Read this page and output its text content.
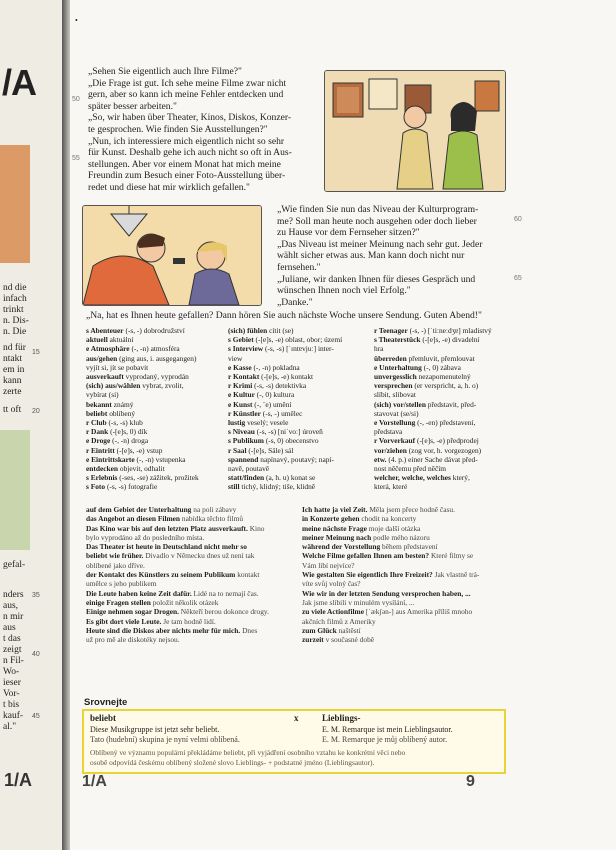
/A
nd die
infach
trinkt
n. Dis-
n. Die
nd für
ntakt
em in
kann
zerte
tt oft
gefal-
nders
aus,
n mir
aus
t das
zeigt
n Fil-
Wo-
ieser
Vor-
t bis
kauf-
al."
15
20
35
40
45
1/A
•
„Sehen Sie eigentlich auch Ihre Filme?"
„Die Frage ist gut. Ich sehe meine Filme zwar nicht
gern, aber so kann ich meine Fehler entdecken und
später besser arbeiten."
„So, wir haben über Theater, Kinos, Diskos, Konzer-
te gesprochen. Wie finden Sie Ausstellungen?"
„Nun, ich interessiere mich eigentlich nicht so sehr
für Kunst. Deshalb gehe ich auch nicht so oft in Aus-
stellungen. Aber vor einem Monat hat mich meine
Freundin zum Besuch einer Foto-Ausstellung über-
redet und diese hat mir wirklich gefallen."
50
55
„Wie finden Sie nun das Niveau der Kulturprogram-
me? Soll man heute noch ausgehen oder doch lieber
zu Hause vor dem Fernseher sitzen?"
„Das Niveau ist meiner Meinung nach sehr gut. Jeder
wählt sicher etwas aus. Man kann doch nicht nur
fernsehen."
„Juliane, wir danken Ihnen für dieses Gespräch und
wünschen Ihnen noch viel Erfolg."
„Danke."
60
65
„Na, hat es Ihnen heute gefallen? Dann hören Sie auch nächste Woche unsere Sendung. Guten Abend!"
s Abenteuer (-s, -) dobrodružství
aktuell aktuální
e Atmosphäre (-, -n) atmosféra
aus/gehen (ging aus, i. ausgegangen)
vyjít si, jít se pobavit
ausverkauft vyprodaný, vyprodán
(sich) aus/wählen vybrat, zvolit,
vybírat (si)
bekannt známý
beliebt oblíbený
r Club (-s, -s) klub
r Dank (-[e]s, 0) dík
e Droge (-, -n) droga
r Eintritt (-[e]s, -e) vstup
e Eintrittskarte (-, -n) vstupenka
entdecken objevit, odhalit
s Erlebnis (-ses, -se) zážitek, prožitek
s Foto (-s, -s) fotografie
(sich) fühlen cítit (se)
s Gebiet (-[e]s, -e) oblast, obor; území
s Interview (-s, -s) [ˈɪntɐvjuː] inter-
view
e Kasse (-, -n) pokladna
r Kontakt (-[e]s, -e) kontakt
r Krimi (-s, -s) detektivka
e Kultur (-, 0) kultura
e Kunst (-, ¨e) umění
r Künstler (-s, -) umělec
lustig veselý; vesele
s Niveau (-s, -s) [niˈvoː] úroveň
s Publikum (-s, 0) obecenstvo
r Saal (-[e]s, Säle) sál
spannend napínavý, poutavý; napí-
navě, poutavě
statt/finden (a, h. u) konat se
still tichý, klidný; tiše, klidně
r Teenager (-s, -) [ˈtiːneːdʒɐ] mladistvý
s Theaterstück (-[e]s, -e) divadelní
hra
überreden přemluvit, přemlouvat
e Unterhaltung (-, 0) zábava
unvergesslich nezapomenutelný
versprechen (er verspricht, a, h. o)
slíbit, slibovat
(sich) vor/stellen představit, před-
stavovat (se/si)
e Vorstellung (-, -en) představení,
představa
r Vorverkauf (-[e]s, -e) předprodej
vor/ziehen (zog vor, h. vorgezogen)
etw. (4. p.) einer Sache dávat před-
nost něčemu před něčím
welcher, welche, welches který,
která, které
auf dem Gebiet der Unterhaltung na poli zábavy
das Angebot an diesen Filmen nabídka těchto filmů
Das Kino war bis auf den letzten Platz ausverkauft. Kino
bylo vyprodáno až do posledního místa.
Das Theater ist heute in Deutschland nicht mehr so
beliebt wie früher. Divadlo v Německu dnes už není tak
oblíbené jako dříve.
der Kontakt des Künstlers zu seinem Publikum kontakt
umělce s jeho publikem
Die Leute haben keine Zeit dafür. Lidé na to nemají čas.
einige Fragen stellen položit několik otázek
Einige nehmen sogar Drogen. Někteří berou dokonce drogy.
Es gibt dort viele Leute. Je tam hodně lidí.
Heute sind die Diskos aber nichts mehr für mich. Dnes
už pro mě ale diskotéky nejsou.
Ich hatte ja viel Zeit. Měla jsem přece hodně času.
in Konzerte gehen chodit na koncerty
meine nächste Frage moje další otázka
meiner Meinung nach podle mého názoru
während der Vorstellung během představení
Welche Filme gefallen Ihnen am besten? Které filmy se
Vám líbí nejvíce?
Wie gestalten Sie eigentlich Ihre Freizeit? Jak vlastně trá-
víte svůj volný čas?
Wie wir in der letzten Sendung versprochen haben, ...
Jak jsme slíbili v minulém vysílání, ...
zu viele Actionfilme [ˈækʃən-] aus Amerika příliš mnoho
akčních filmů z Ameriky
zum Glück naštěstí
zurzeit v současné době
Srovnejte
beliebt	x	Lieblings-
Diese Musikgruppe ist jetzt sehr beliebt.
Tato (hudební) skupina je nyní velmi oblíbená.
E. M. Remarque ist mein Lieblingsautor.
E. M. Remarque je můj oblíbený autor.
Oblíbený ve významu populární překládáme beliebt, při vyjádření osobního vztahu ke konkrétní věci nebo
osobě odpovídá českému oblíbený složené slovo Lieblings- + podstatné jméno (Lieblingsautor).
1/A	9
